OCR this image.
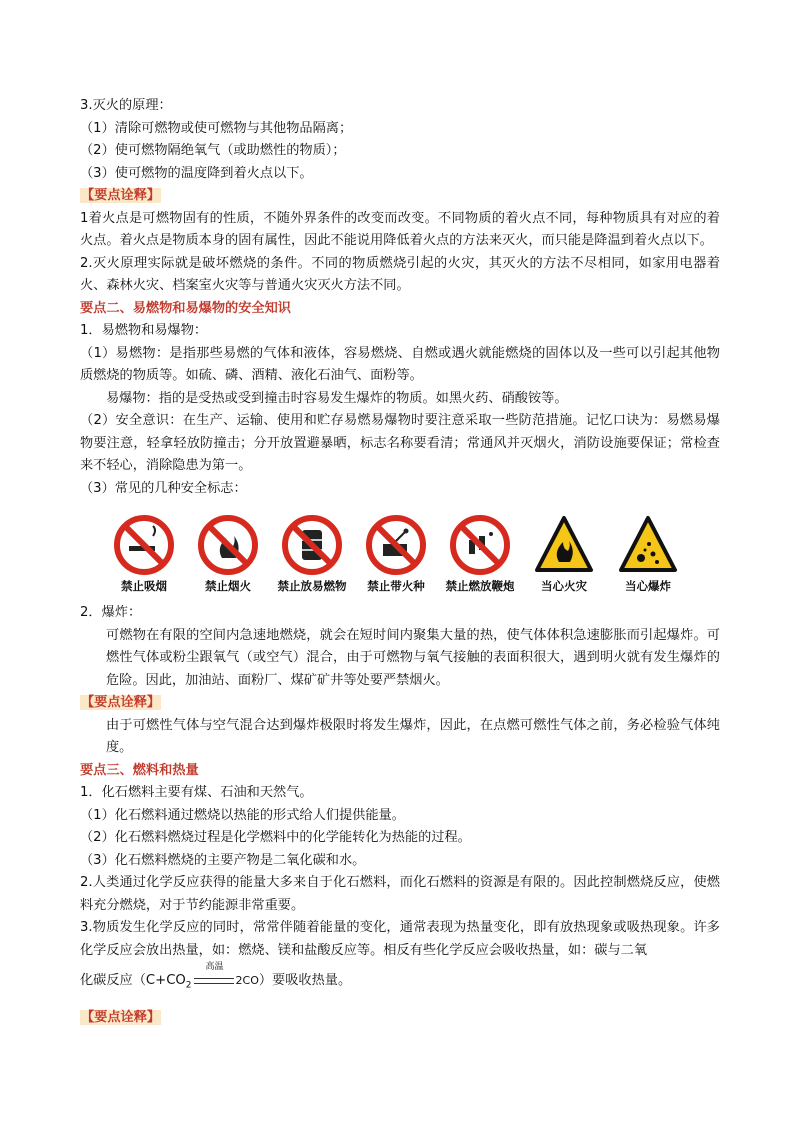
3.灭火的原理：
（1）清除可燃物或使可燃物与其他物品隔离；
（2）使可燃物隔绝氧气（或助燃性的物质）；
（3）使可燃物的温度降到着火点以下。
【要点诠释】
1着火点是可燃物固有的性质，不随外界条件的改变而改变。不同物质的着火点不同，每种物质具有对应的着火点。着火点是物质本身的固有属性，因此不能说用降低着火点的方法来灭火，而只能是降温到着火点以下。
2.灭火原理实际就是破坏燃烧的条件。不同的物质燃烧引起的火灾，其灭火的方法不尽相同，如家用电器着火、森林火灾、档案室火灾等与普通火灾灭火方法不同。
要点二、易燃物和易爆物的安全知识
1．易燃物和易爆物：
（1）易燃物：是指那些易燃的气体和液体，容易燃烧、自燃或遇火就能燃烧的固体以及一些可以引起其他物质燃烧的物质等。如硫、磷、酒精、液化石油气、面粉等。
易爆物：指的是受热或受到撞击时容易发生爆炸的物质。如黑火药、硝酸铵等。
（2）安全意识：在生产、运输、使用和贮存易燃易爆物时要注意采取一些防范措施。记忆口诀为：易燃易爆物要注意，轻拿轻放防撞击；分开放置避暴晒，标志名称要看清；常通风并灭烟火，消防设施要保证；常检查来不轻心，消除隐患为第一。
（3）常见的几种安全标志：
禁止吸烟	禁止烟火	禁止放易燃物	禁止带火种	禁止燃放鞭炮	当心火灾	当心爆炸
2．爆炸：
可燃物在有限的空间内急速地燃烧，就会在短时间内聚集大量的热，使气体体积急速膨胀而引起爆炸。可燃性气体或粉尘跟氧气（或空气）混合，由于可燃物与氧气接触的表面积很大，遇到明火就有发生爆炸的危险。因此，加油站、面粉厂、煤矿矿井等处要严禁烟火。
【要点诠释】
由于可燃性气体与空气混合达到爆炸极限时将发生爆炸，因此，在点燃可燃性气体之前，务必检验气体纯度。
要点三、燃料和热量
1．化石燃料主要有煤、石油和天然气。
（1）化石燃料通过燃烧以热能的形式给人们提供能量。
（2）化石燃料燃烧过程是化学燃料中的化学能转化为热能的过程。
（3）化石燃料燃烧的主要产物是二氧化碳和水。
2.人类通过化学反应获得的能量大多来自于化石燃料，而化石燃料的资源是有限的。因此控制燃烧反应，使燃料充分燃烧，对于节约能源非常重要。
3.物质发生化学反应的同时，常常伴随着能量的变化，通常表现为热量变化，即有放热现象或吸热现象。许多化学反应会放出热量，如：燃烧、镁和盐酸反应等。相反有些化学反应会吸收热量，如：碳与二氧
化碳反应（$C+CO_2$
高温
2CO）要吸收热量。
【要点诠释】
